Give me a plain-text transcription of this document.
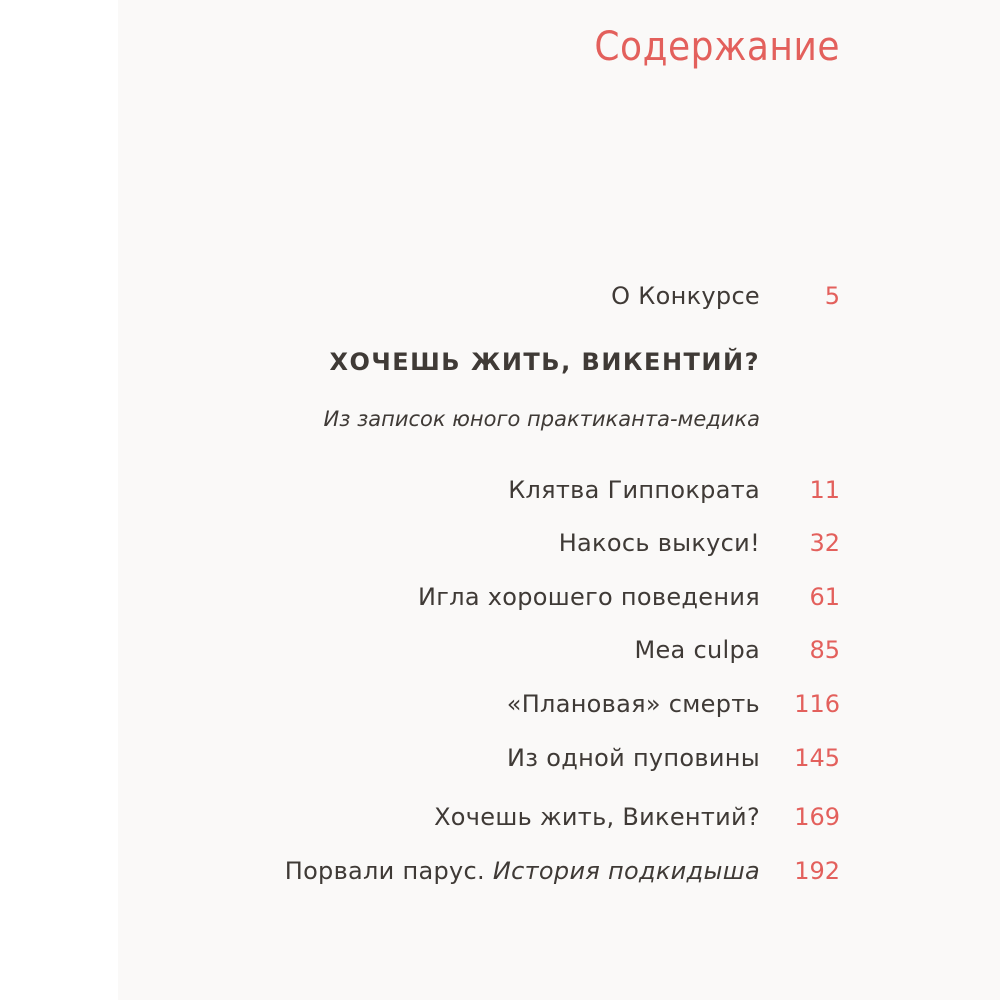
Содержание
О Конкурсе	5
ХОЧЕШЬ ЖИТЬ, ВИКЕНТИЙ?
Из записок юного практиканта-медика
Клятва Гиппократа 11
Накось выкуси! 32
Игла хорошего поведения 61
Mea culpa 85
«Плановая» смерть 116
Из одной пуповины 145
Хочешь жить, Викентий? 169
Порвали парус. История подкидыша 192
